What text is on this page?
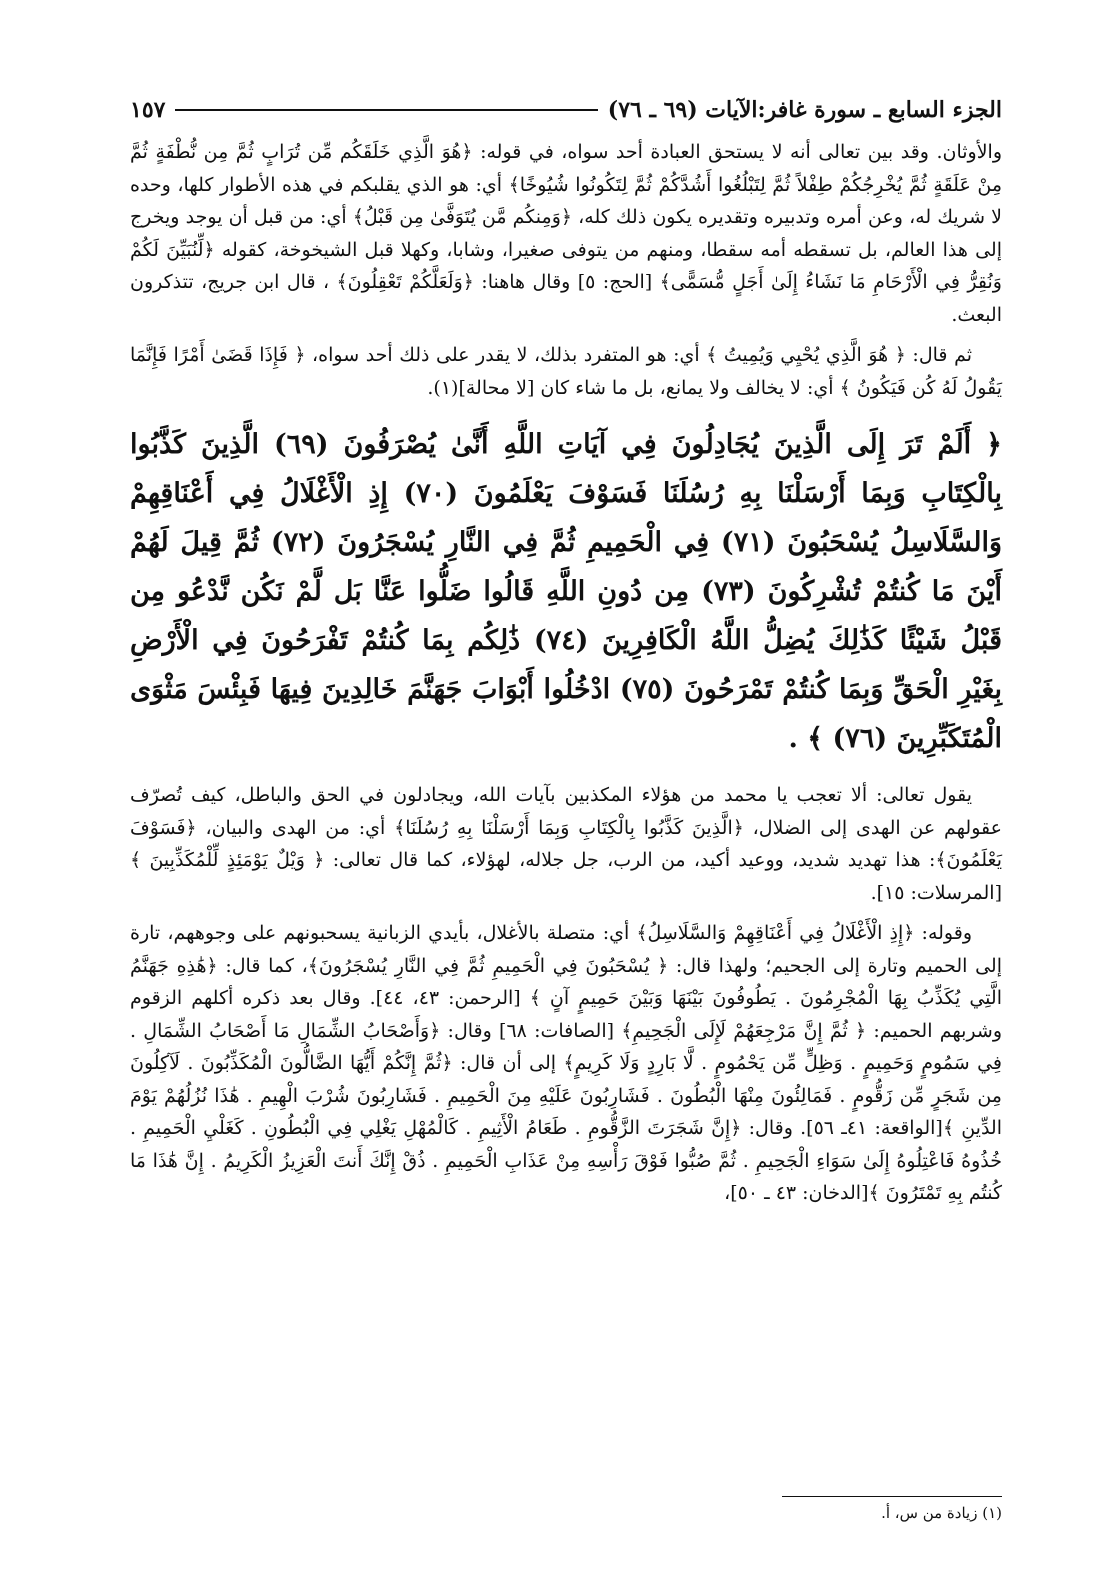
الجزء السابع ـ سورة غافر:الآيات (٦٩ ـ ٧٦)
١٥٧

والأوثان. وقد بين تعالى أنه لا يستحق العبادة أحد سواه، في قوله: ﴿هُوَ الَّذِي خَلَقَكُم مِّن تُرَابٍ ثُمَّ مِن نُّطْفَةٍ ثُمَّ مِنْ عَلَقَةٍ ثُمَّ يُخْرِجُكُمْ طِفْلاً ثُمَّ لِتَبْلُغُوا أَشُدَّكُمْ ثُمَّ لِتَكُونُوا شُيُوخًا﴾ أي: هو الذي يقلبكم في هذه الأطوار كلها، وحده لا شريك له، وعن أمره وتدبيره وتقديره يكون ذلك كله، ﴿وَمِنكُم مَّن يُتَوَفَّىٰ مِن قَبْلُ﴾ أي: من قبل أن يوجد ويخرج إلى هذا العالم، بل تسقطه أمه سقطا، ومنهم من يتوفى صغيرا، وشابا، وكهلا قبل الشيخوخة، كقوله ﴿لِّنُبَيِّنَ لَكُمْ وَنُقِرُّ فِي الْأَرْحَامِ مَا نَشَاءُ إِلَىٰ أَجَلٍ مُّسَمًّى﴾ [الحج: ٥] وقال هاهنا: ﴿وَلَعَلَّكُمْ تَعْقِلُونَ﴾ ، قال ابن جريج، تتذكرون البعث.

ثم قال: ﴿ هُوَ الَّذِي يُحْيِي وَيُمِيتُ ﴾ أي: هو المتفرد بذلك، لا يقدر على ذلك أحد سواه، ﴿ فَإِذَا قَضَىٰ أَمْرًا فَإِنَّمَا يَقُولُ لَهُ كُن فَيَكُونُ ﴾ أي: لا يخالف ولا يمانع، بل ما شاء كان [لا محالة](١).

﴿ أَلَمْ تَرَ إِلَى الَّذِينَ يُجَادِلُونَ فِي آيَاتِ اللَّهِ أَنَّىٰ يُصْرَفُونَ (٦٩) الَّذِينَ كَذَّبُوا بِالْكِتَابِ وَبِمَا أَرْسَلْنَا بِهِ رُسُلَنَا فَسَوْفَ يَعْلَمُونَ (٧٠) إِذِ الْأَغْلَالُ فِي أَعْنَاقِهِمْ وَالسَّلَاسِلُ يُسْحَبُونَ (٧١) فِي الْحَمِيمِ ثُمَّ فِي النَّارِ يُسْجَرُونَ (٧٢) ثُمَّ قِيلَ لَهُمْ أَيْنَ مَا كُنتُمْ تُشْرِكُونَ (٧٣) مِن دُونِ اللَّهِ قَالُوا ضَلُّوا عَنَّا بَل لَّمْ نَكُن نَّدْعُو مِن قَبْلُ شَيْئًا كَذَٰلِكَ يُضِلُّ اللَّهُ الْكَافِرِينَ (٧٤) ذَٰلِكُم بِمَا كُنتُمْ تَفْرَحُونَ فِي الْأَرْضِ بِغَيْرِ الْحَقِّ وَبِمَا كُنتُمْ تَمْرَحُونَ (٧٥) ادْخُلُوا أَبْوَابَ جَهَنَّمَ خَالِدِينَ فِيهَا فَبِئْسَ مَثْوَى الْمُتَكَبِّرِينَ (٧٦) ﴾ .

يقول تعالى: ألا تعجب يا محمد من هؤلاء المكذبين بآيات الله، ويجادلون في الحق والباطل، كيف تُصرّف عقولهم عن الهدى إلى الضلال، ﴿الَّذِينَ كَذَّبُوا بِالْكِتَابِ وَبِمَا أَرْسَلْنَا بِهِ رُسُلَنَا﴾ أي: من الهدى والبيان، ﴿فَسَوْفَ يَعْلَمُونَ﴾: هذا تهديد شديد، ووعيد أكيد، من الرب، جل جلاله، لهؤلاء، كما قال تعالى: ﴿ وَيْلٌ يَوْمَئِذٍ لِّلْمُكَذِّبِينَ ﴾ [المرسلات: ١٥].

وقوله: ﴿إِذِ الْأَغْلَالُ فِي أَعْنَاقِهِمْ وَالسَّلَاسِلُ﴾ أي: متصلة بالأغلال، بأيدي الزبانية يسحبونهم على وجوههم، تارة إلى الحميم وتارة إلى الجحيم؛ ولهذا قال: ﴿ يُسْحَبُونَ فِي الْحَمِيمِ ثُمَّ فِي النَّارِ يُسْجَرُونَ﴾، كما قال: ﴿هَٰذِهِ جَهَنَّمُ الَّتِي يُكَذِّبُ بِهَا الْمُجْرِمُونَ . يَطُوفُونَ بَيْنَهَا وَبَيْنَ حَمِيمٍ آنٍ ﴾ [الرحمن: ٤٣، ٤٤]. وقال بعد ذكره أكلهم الزقوم وشربهم الحميم: ﴿ ثُمَّ إِنَّ مَرْجِعَهُمْ لَإِلَى الْجَحِيمِ﴾ [الصافات: ٦٨] وقال: ﴿وَأَصْحَابُ الشِّمَالِ مَا أَصْحَابُ الشِّمَالِ . فِي سَمُومٍ وَحَمِيمٍ . وَظِلٍّ مِّن يَحْمُومٍ . لَّا بَارِدٍ وَلَا كَرِيمٍ﴾ إلى أن قال: ﴿ثُمَّ إِنَّكُمْ أَيُّهَا الضَّالُّونَ الْمُكَذِّبُونَ . لَآكِلُونَ مِن شَجَرٍ مِّن زَقُّومٍ . فَمَالِئُونَ مِنْهَا الْبُطُونَ . فَشَارِبُونَ عَلَيْهِ مِنَ الْحَمِيمِ . فَشَارِبُونَ شُرْبَ الْهِيمِ . هَٰذَا نُزُلُهُمْ يَوْمَ الدِّينِ ﴾[الواقعة: ٤١ـ ٥٦]. وقال: ﴿إِنَّ شَجَرَتَ الزَّقُّومِ . طَعَامُ الْأَثِيمِ . كَالْمُهْلِ يَغْلِي فِي الْبُطُونِ . كَغَلْيِ الْحَمِيمِ . خُذُوهُ فَاعْتِلُوهُ إِلَىٰ سَوَاءِ الْجَحِيمِ . ثُمَّ صُبُّوا فَوْقَ رَأْسِهِ مِنْ عَذَابِ الْحَمِيمِ . ذُقْ إِنَّكَ أَنتَ الْعَزِيزُ الْكَرِيمُ . إِنَّ هَٰذَا مَا كُنتُم بِهِ تَمْتَرُونَ ﴾[الدخان: ٤٣ ـ ٥٠]،

(١) زيادة من س، أ.
